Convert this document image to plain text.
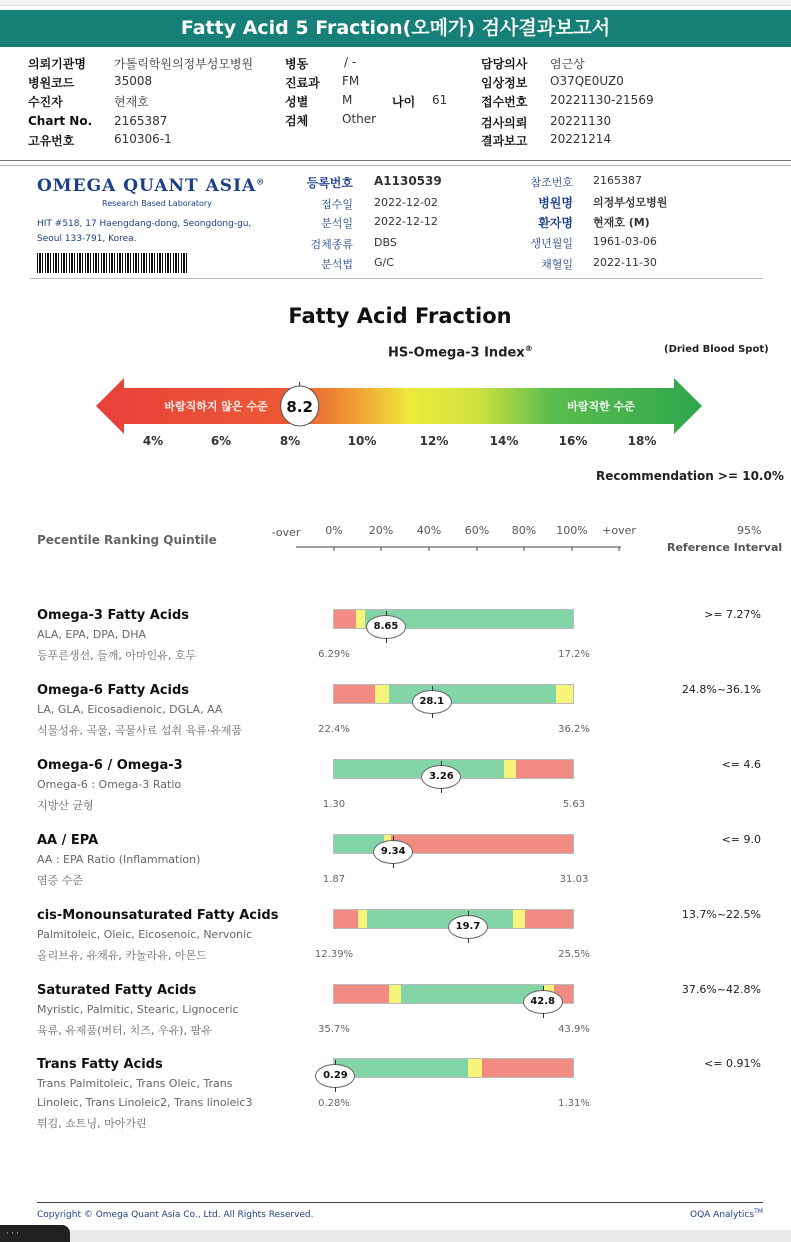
Fatty Acid 5 Fraction(오메가) 검사결과보고서
의뢰기관명 가톨릭학원의정부성모병원	병동	/ -	담당의사 염근상
병원코드	35008	진료과 FM	임상정보 O37QE0UZ0
수진자	현재호	성별	M	나이 61	접수번호 20221130-21569
Chart No. 2165387	검체	Other	검사의뢰 20221130
고유번호	610306-1	결과보고 20221214
OMEGA QUANT ASIA®
Research Based Laboratory
HIT #518, 17 Haengdang-dong, Seongdong-gu,
Seoul 133-791, Korea.
등록번호 A1130539
접수일 2022-12-02
분석일 2022-12-12
검체종류 DBS
분석법 G/C
참조번호 2165387
병원명 의정부성모병원
환자명 현재호 (M)
생년월일 1961-03-06
채혈일 2022-11-30
Fatty Acid Fraction
HS-Omega-3 Index®	(Dried Blood Spot)
바람직하지 않은 수준	바람직한 수준
8.2
4%	6%	8%	10%	12%	14%	16%	18%
Recommendation >= 10.0%
Pecentile Ranking Quintile
-over 0% 20% 40% 60% 80% 100% +over	95%
Reference Interval
Omega-3 Fatty Acids
ALA, EPA, DPA, DHA
등푸른생선, 들깨, 아마인유, 호두
>= 7.27%
6.29%	17.2%
8.65
Omega-6 Fatty Acids
LA, GLA, Eicosadienoic, DGLA, AA
식물성유, 곡물, 곡물사료 섭취 육류·유제품
24.8%~36.1%
22.4%	36.2%
28.1
Omega-6 / Omega-3
Omega-6 : Omega-3 Ratio
지방산 균형
<= 4.6
1.30	5.63
3.26
AA / EPA
AA : EPA Ratio (Inflammation)
염증 수준
<= 9.0
1.87	31.03
9.34
cis-Monounsaturated Fatty Acids
Palmitoleic, Oleic, Eicosenoic, Nervonic
올리브유, 유채유, 카놀라유, 아몬드
13.7%~22.5%
12.39%	25.5%
19.7
Saturated Fatty Acids
Myristic, Palmitic, Stearic, Lignoceric
육류, 유제품(버터, 치즈, 우유), 팜유
37.6%~42.8%
35.7%	43.9%
42.8
Trans Fatty Acids
Trans Palmitoleic, Trans Oleic, Trans
Linoleic, Trans Linoleic2, Trans linoleic3
튀김, 쇼트닝, 마아가린
<= 0.91%
0.28%	1.31%
0.29
Copyright © Omega Quant Asia Co., Ltd. All Rights Reserved.	OQA Analytics™
· · ·
